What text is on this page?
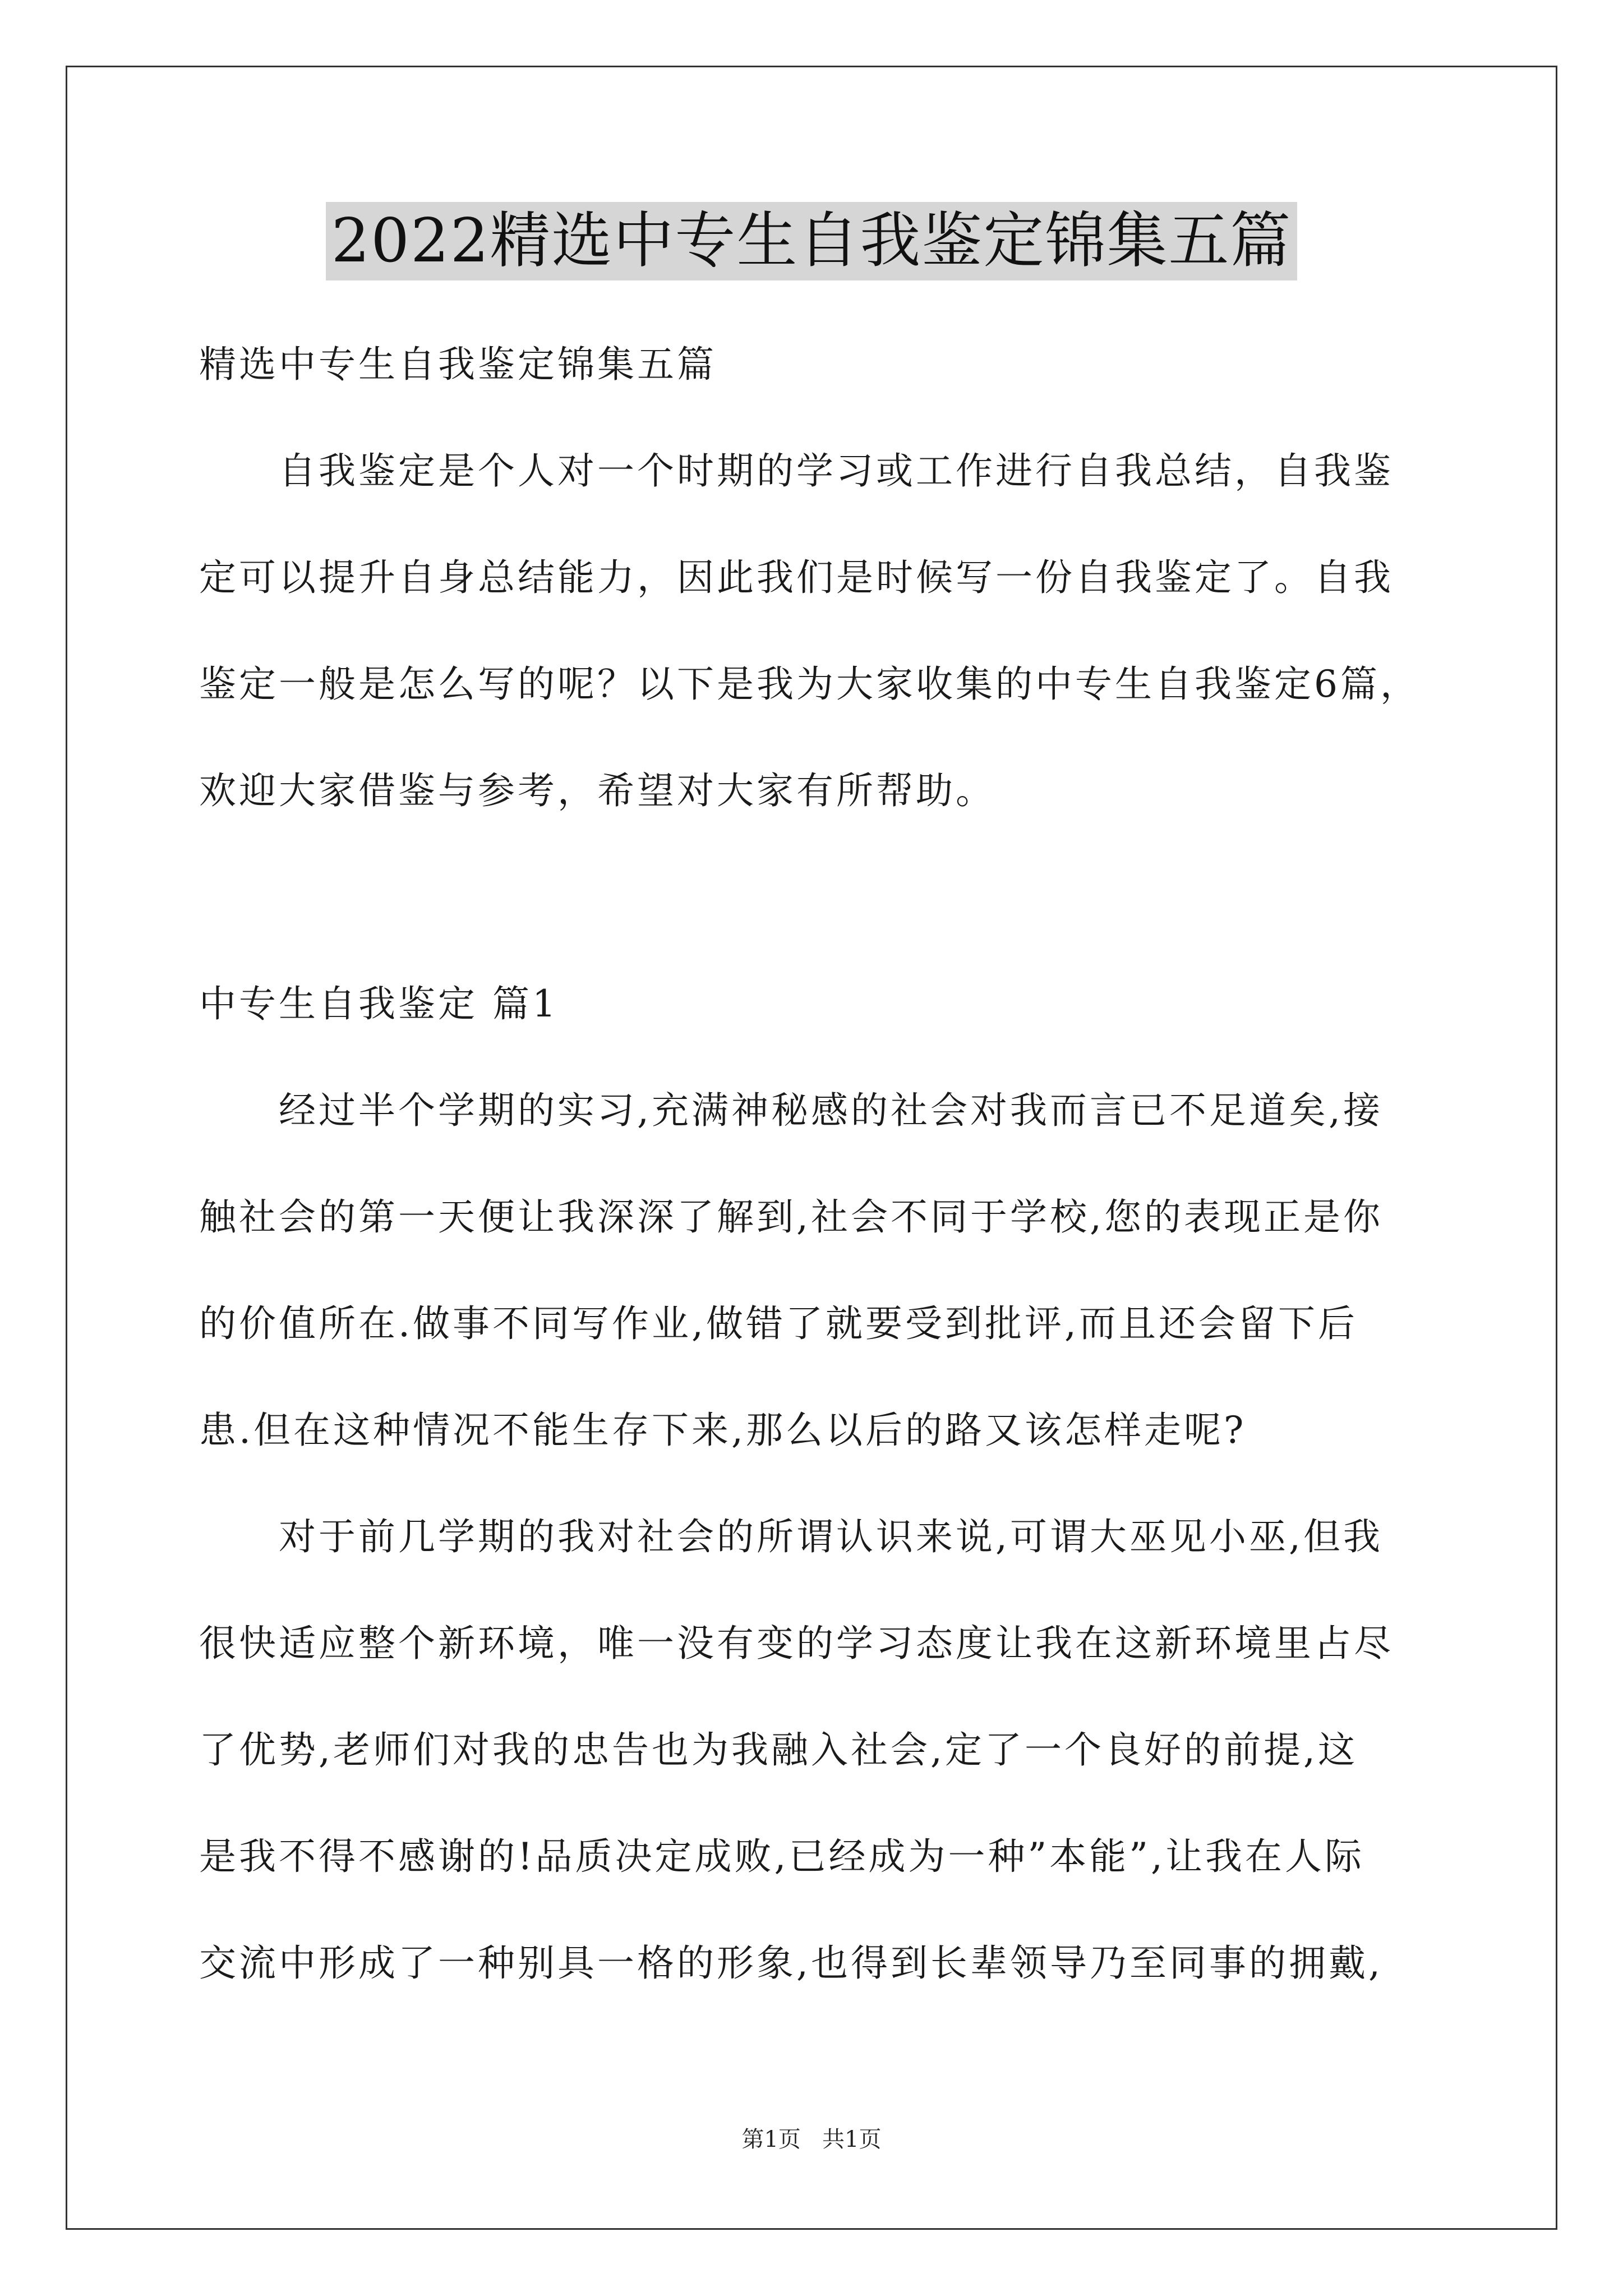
2022精选中专生自我鉴定锦集五篇
精选中专生自我鉴定锦集五篇
自我鉴定是个人对一个时期的学习或工作进行自我总结，自我鉴
定可以提升自身总结能力，因此我们是时候写一份自我鉴定了。自我
鉴定一般是怎么写的呢？以下是我为大家收集的中专生自我鉴定6篇，
欢迎大家借鉴与参考，希望对大家有所帮助。
中专生自我鉴定 篇1
经过半个学期的实习,充满神秘感的社会对我而言已不足道矣,接
触社会的第一天便让我深深了解到,社会不同于学校,您的表现正是你
的价值所在.做事不同写作业,做错了就要受到批评,而且还会留下后
患.但在这种情况不能生存下来,那么以后的路又该怎样走呢?
对于前几学期的我对社会的所谓认识来说,可谓大巫见小巫,但我
很快适应整个新环境，唯一没有变的学习态度让我在这新环境里占尽
了优势,老师们对我的忠告也为我融入社会,定了一个良好的前提,这
是我不得不感谢的!品质决定成败,已经成为一种”本能”,让我在人际
交流中形成了一种别具一格的形象,也得到长辈领导乃至同事的拥戴,
第1页   共1页
